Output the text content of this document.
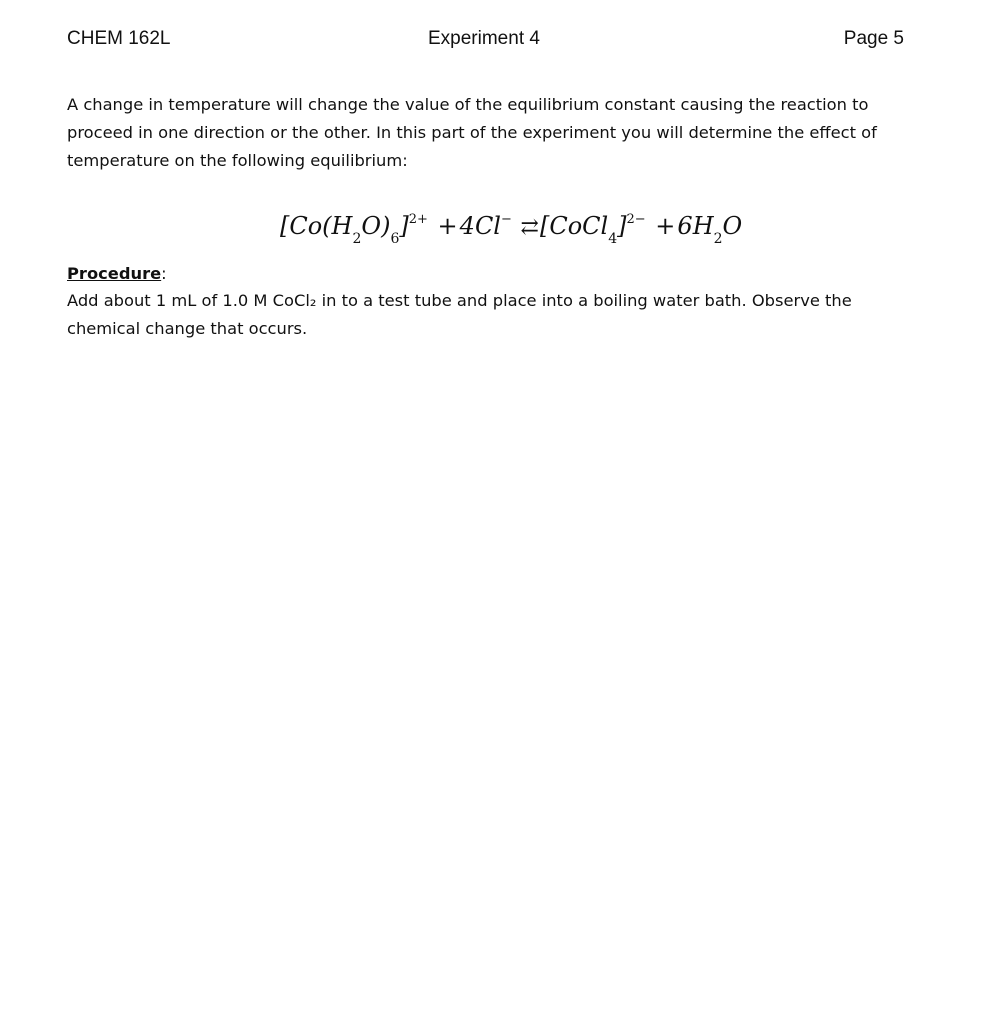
CHEM 162L	Experiment 4	Page 5

A change in temperature will change the value of the equilibrium constant causing the reaction to proceed in one direction or the other. In this part of the experiment you will determine the effect of temperature on the following equilibrium:

$[Co(H_2O)_6]^{2+} +4Cl^-$ ⇄[CoCl$_4$]$^{2-}$ $+6H_2O$
Procedure:

Add about 1 mL of 1.0 M CoCl₂ in to a test tube and place into a boiling water bath. Observe the chemical change that occurs.
